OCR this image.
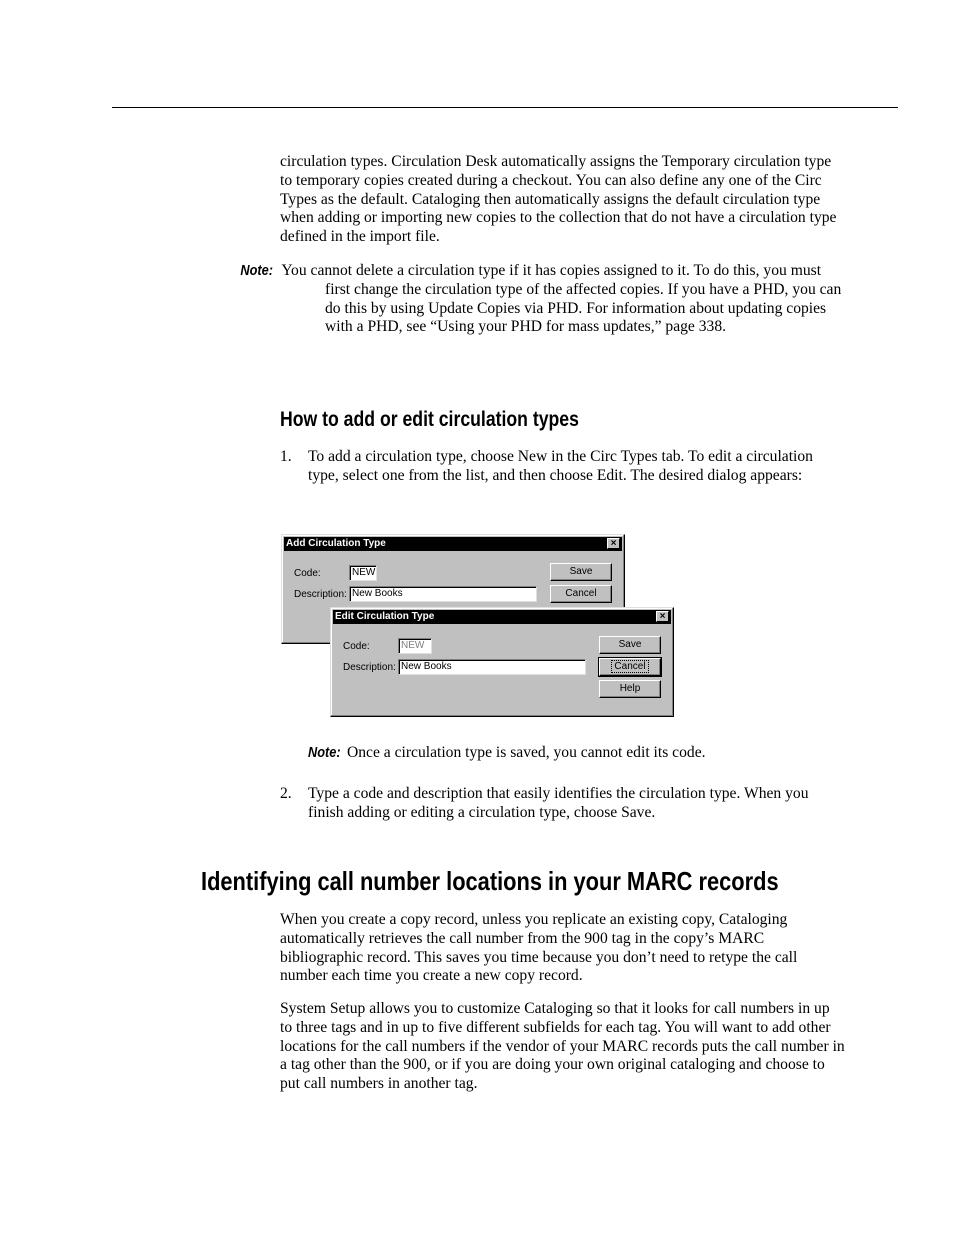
circulation types. Circulation Desk automatically assigns the Temporary circulation type to temporary copies created during a checkout. You can also define any one of the Circ Types as the default. Cataloging then automatically assigns the default circulation type when adding or importing new copies to the collection that do not have a circulation type defined in the import file.

Note: You cannot delete a circulation type if it has copies assigned to it. To do this, you must first change the circulation type of the affected copies. If you have a PHD, you can do this by using Update Copies via PHD. For information about updating copies with a PHD, see “Using your PHD for mass updates,” page 338.

How to add or edit circulation types
1. To add a circulation type, choose New in the Circ Types tab. To edit a circulation type, select one from the list, and then choose Edit. The desired dialog appears:

Add Circulation Type	×
Code:	NEW
Description: New Books
Save
Cancel
Edit Circulation Type	×
Code:	NEW
Description: New Books
Save
Cancel
Help

Note: Once a circulation type is saved, you cannot edit its code.

2. Type a code and description that easily identifies the circulation type. When you finish adding or editing a circulation type, choose Save.

Identifying call number locations in your MARC records

When you create a copy record, unless you replicate an existing copy, Cataloging automatically retrieves the call number from the 900 tag in the copy’s MARC bibliographic record. This saves you time because you don’t need to retype the call number each time you create a new copy record.

System Setup allows you to customize Cataloging so that it looks for call numbers in up to three tags and in up to five different subfields for each tag. You will want to add other locations for the call numbers if the vendor of your MARC records puts the call number in a tag other than the 900, or if you are doing your own original cataloging and choose to put call numbers in another tag.
